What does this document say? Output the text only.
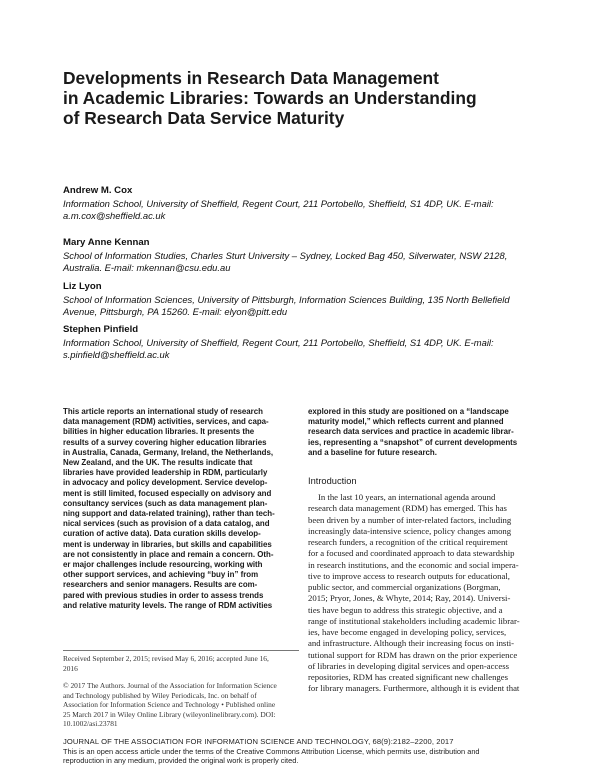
Developments in Research Data Management
in Academic Libraries: Towards an Understanding
of Research Data Service Maturity

Andrew M. Cox

Information School, University of Sheffield, Regent Court, 211 Portobello, Sheffield, S1 4DP, UK. E-mail:
a.m.cox@sheffield.ac.uk

Mary Anne Kennan

School of Information Studies, Charles Sturt University – Sydney, Locked Bag 450, Silverwater, NSW 2128,
Australia. E-mail: mkennan@csu.edu.au

Liz Lyon

School of Information Sciences, University of Pittsburgh, Information Sciences Building, 135 North Bellefield
Avenue, Pittsburgh, PA 15260. E-mail: elyon@pitt.edu

Stephen Pinfield

Information School, University of Sheffield, Regent Court, 211 Portobello, Sheffield, S1 4DP, UK. E-mail:
s.pinfield@sheffield.ac.uk

This article reports an international study of research
data management (RDM) activities, services, and capa-
bilities in higher education libraries. It presents the
results of a survey covering higher education libraries
in Australia, Canada, Germany, Ireland, the Netherlands,
New Zealand, and the UK. The results indicate that
libraries have provided leadership in RDM, particularly
in advocacy and policy development. Service develop-
ment is still limited, focused especially on advisory and
consultancy services (such as data management plan-
ning support and data-related training), rather than tech-
nical services (such as provision of a data catalog, and
curation of active data). Data curation skills develop-
ment is underway in libraries, but skills and capabilities
are not consistently in place and remain a concern. Oth-
er major challenges include resourcing, working with
other support services, and achieving “buy in” from
researchers and senior managers. Results are com-
pared with previous studies in order to assess trends
and relative maturity levels. The range of RDM activities
explored in this study are positioned on a “landscape
maturity model,” which reflects current and planned
research data services and practice in academic librar-
ies, representing a “snapshot” of current developments
and a baseline for future research.
Received September 2, 2015; revised May 6, 2016; accepted June 16,
2016
© 2017 The Authors. Journal of the Association for Information Science
and Technology published by Wiley Periodicals, Inc. on behalf of
Association for Information Science and Technology • Published online
25 March 2017 in Wiley Online Library (wileyonlinelibrary.com). DOI:
10.1002/asi.23781
Introduction
In the last 10 years, an international agenda around
research data management (RDM) has emerged. This has
been driven by a number of inter-related factors, including
increasingly data-intensive science, policy changes among
research funders, a recognition of the critical requirement
for a focused and coordinated approach to data stewardship
in research institutions, and the economic and social impera-
tive to improve access to research outputs for educational,
public sector, and commercial organizations (Borgman,
2015; Pryor, Jones, & Whyte, 2014; Ray, 2014). Universi-
ties have begun to address this strategic objective, and a
range of institutional stakeholders including academic librar-
ies, have become engaged in developing policy, services,
and infrastructure. Although their increasing focus on insti-
tutional support for RDM has drawn on the prior experience
of libraries in developing digital services and open-access
repositories, RDM has created significant new challenges
for library managers. Furthermore, although it is evident that
JOURNAL OF THE ASSOCIATION FOR INFORMATION SCIENCE AND TECHNOLOGY, 68(9):2182–2200, 2017
This is an open access article under the terms of the Creative Commons Attribution License, which permits use, distribution and
reproduction in any medium, provided the original work is properly cited.
